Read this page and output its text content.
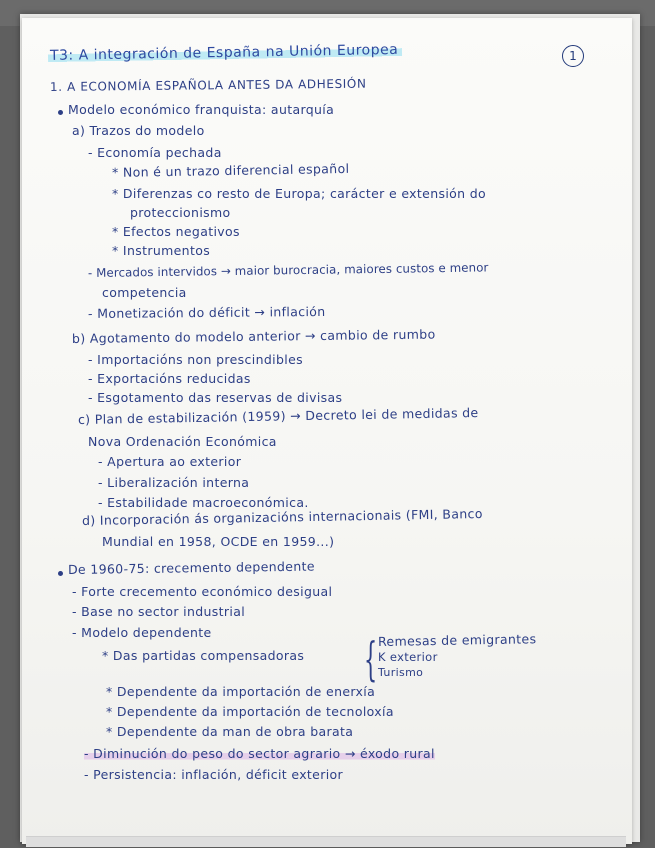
1
T3: A integración de España na Unión Europea
1. A ECONOMÍA ESPAÑOLA ANTES DA ADHESIÓN
Modelo económico franquista: autarquía
a) Trazos do modelo
- Economía pechada
* Non é un trazo diferencial español
* Diferenzas co resto de Europa; carácter e extensión do
proteccionismo
* Efectos negativos
* Instrumentos
- Mercados intervidos → maior burocracia, maiores custos e menor
competencia
- Monetización do déficit → inflación
b) Agotamento do modelo anterior → cambio de rumbo
- Importacións non prescindibles
- Exportacións reducidas
- Esgotamento das reservas de divisas
c) Plan de estabilización (1959) → Decreto lei de medidas de
Nova Ordenación Económica
- Apertura ao exterior
- Liberalización interna
- Estabilidade macroeconómica.
d) Incorporación ás organizacións internacionais (FMI, Banco
Mundial en 1958, OCDE en 1959...)
De 1960-75: crecemento dependente
- Forte crecemento económico desigual
- Base no sector industrial
- Modelo dependente
* Das partidas compensadoras { Remesas de emigrantes
K exterior
Turismo
* Dependente da importación de enerxía
* Dependente da importación de tecnoloxía
* Dependente da man de obra barata
- Diminución do peso do sector agrario → éxodo rural
- Persistencia: inflación, déficit exterior
